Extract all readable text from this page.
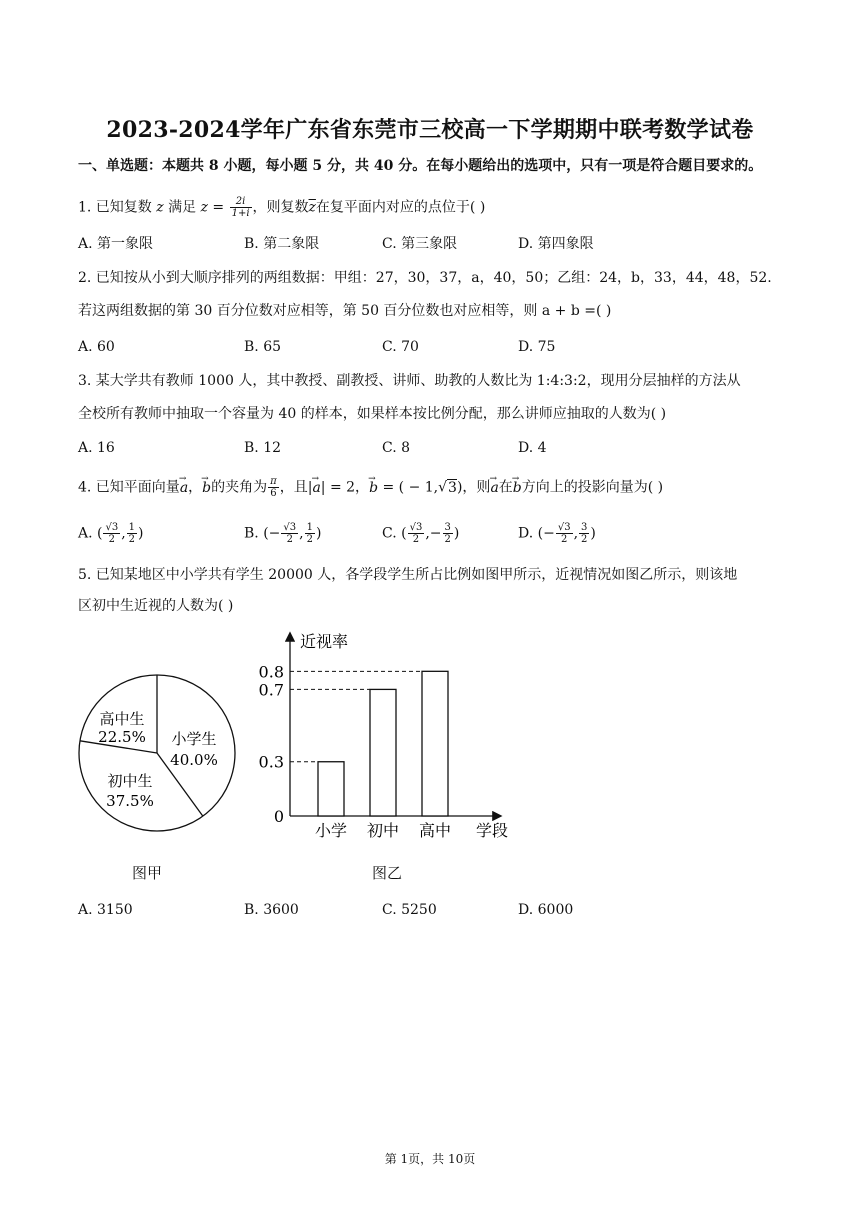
2023-2024学年广东省东莞市三校高一下学期期中联考数学试卷
一、单选题：本题共 8 小题，每小题 5 分，共 40 分。在每小题给出的选项中，只有一项是符合题目要求的。
1. 已知复数 z 满足 $z = \frac{2i}{1+i}$ ，则复数$\overline{z}$在复平面内对应的点位于( )
A. 第一象限	B. 第二象限	C. 第三象限	D. 第四象限
2. 已知按从小到大顺序排列的两组数据：甲组：27，30，37，a，40，50；乙组：24，b，33，44，48，52.
若这两组数据的第 30 百分位数对应相等，第 50 百分位数也对应相等，则 a + b =( )
A. 60	B. 65	C. 70	D. 75
3. 某大学共有教师 1000 人，其中教授、副教授、讲师、助教的人数比为 1:4:3:2，现用分层抽样的方法从
全校所有教师中抽取一个容量为 40 的样本，如果样本按比例分配，那么讲师应抽取的人数为( )
A. 16	B. 12	C. 8	D. 4
4. 已知平面向量→ a，→ b的夹角为 $\frac{\pi}{6}$ ，且|→ a| = 2，→ b = ( − 1,√3)，则→ a在→ b方向上的投影向量为( )
A. ( $\frac{√3}{2}$ , $\frac{1}{2}$ )	B. (− $\frac{√3}{2}$ , $\frac{1}{2}$ )	C. ( $\frac{√3}{2}$ ,− $\frac{3}{2}$ )	D. (− $\frac{√3}{2}$ , $\frac{3}{2}$ )
5. 已知某地区中小学共有学生 20000 人，各学段学生所占比例如图甲所示，近视情况如图乙所示，则该地
区初中生近视的人数为( )
高中生
22.5% 小学生
40.0%
初中生
37.5%
图甲
近视率
学段
小学 初中 高中
0
0.3
0.7
0.8
图乙
A. 3150	B. 3600	C. 5250	D. 6000
第 1页，共 10页
